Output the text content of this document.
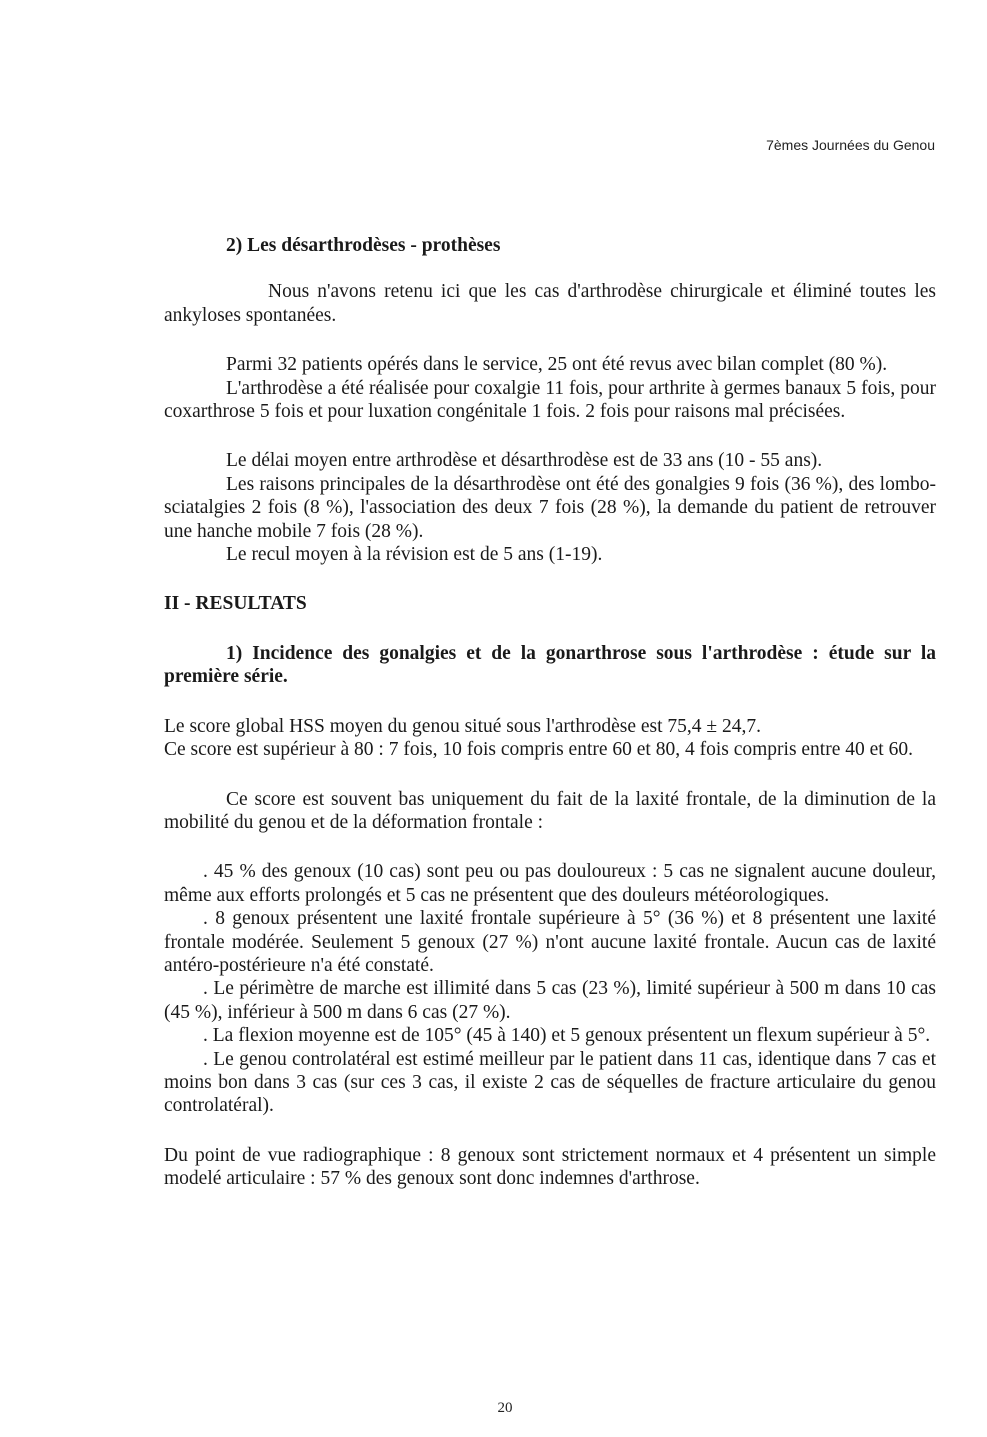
7èmes Journées du Genou

2) Les désarthrodèses - prothèses

Nous n'avons retenu ici que les cas d'arthrodèse chirurgicale et éliminé toutes les ankyloses spontanées.

Parmi 32 patients opérés dans le service, 25 ont été revus avec bilan complet (80 %).

L'arthrodèse a été réalisée pour coxalgie 11 fois, pour arthrite à germes banaux 5 fois, pour coxarthrose 5 fois et pour luxation congénitale 1 fois. 2 fois pour raisons mal précisées.

Le délai moyen entre arthrodèse et désarthrodèse est de 33 ans (10 - 55 ans).

Les raisons principales de la désarthrodèse ont été des gonalgies 9 fois (36 %), des lombo- sciatalgies 2 fois (8 %), l'association des deux 7 fois (28 %), la demande du patient de retrouver une hanche mobile 7 fois (28 %).

Le recul moyen à la révision est de 5 ans (1-19).

II - RESULTATS

1) Incidence des gonalgies et de la gonarthrose sous l'arthrodèse : étude sur la première série.

Le score global HSS moyen du genou situé sous l'arthrodèse est 75,4 ± 24,7.

Ce score est supérieur à 80 : 7 fois, 10 fois compris entre 60 et 80, 4 fois compris entre 40 et 60.

Ce score est souvent bas uniquement du fait de la laxité frontale, de la diminution de la mobilité du genou et de la déformation frontale :

. 45 % des genoux (10 cas) sont peu ou pas douloureux : 5 cas ne signalent aucune douleur, même aux efforts prolongés et 5 cas ne présentent que des douleurs météorologiques.

. 8 genoux présentent une laxité frontale supérieure à 5° (36 %) et 8 présentent une laxité frontale modérée. Seulement 5 genoux (27 %) n'ont aucune laxité frontale. Aucun cas de laxité antéro-postérieure n'a été constaté.

. Le périmètre de marche est illimité dans 5 cas (23 %), limité supérieur à 500 m dans 10 cas (45 %), inférieur à 500 m dans 6 cas (27 %).

. La flexion moyenne est de 105° (45 à 140) et 5 genoux présentent un flexum supérieur à 5°.

. Le genou controlatéral est estimé meilleur par le patient dans 11 cas, identique dans 7 cas et moins bon dans 3 cas (sur ces 3 cas, il existe 2 cas de séquelles de fracture articulaire du genou controlatéral).

Du point de vue radiographique : 8 genoux sont strictement normaux et 4 présentent un simple modelé articulaire : 57 % des genoux sont donc indemnes d'arthrose.

20
